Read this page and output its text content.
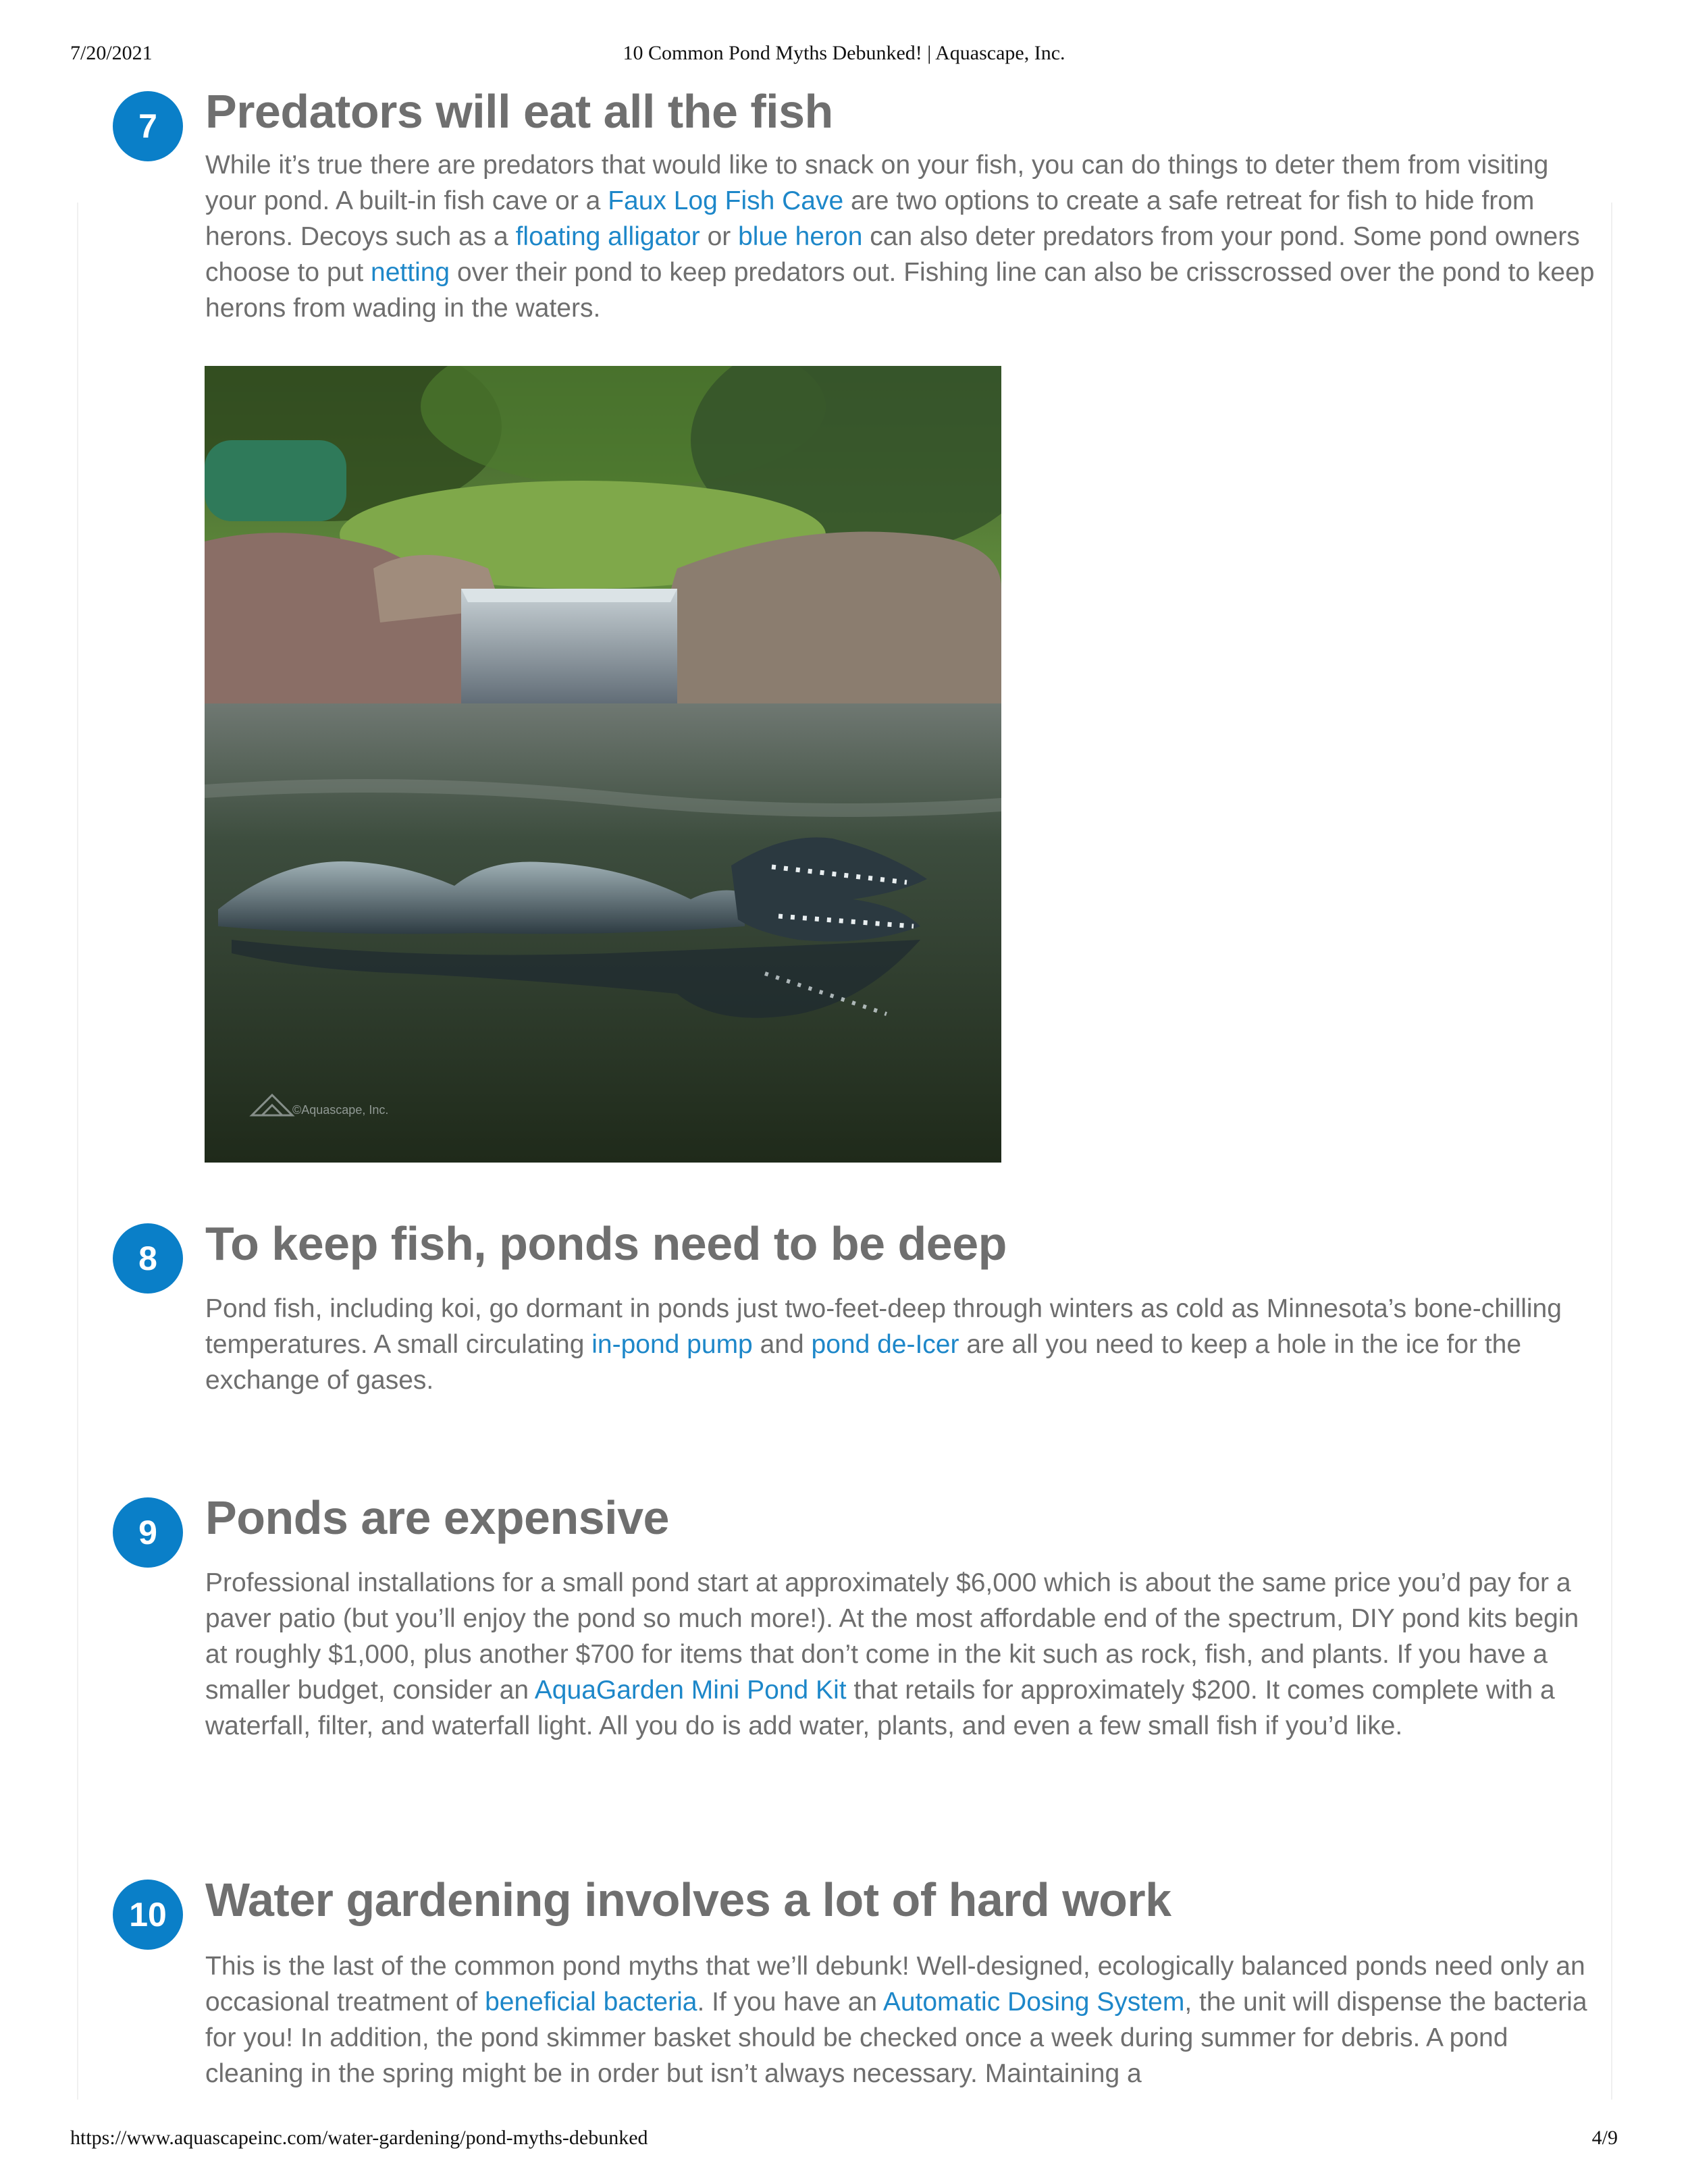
10 Common Pond Myths Debunked! | Aquascape, Inc.
7/20/2021
7	Predators will eat all the fish

While it’s true there are predators that would like to snack on your fish, you can do things to deter them from visiting your pond. A built-in fish cave or a Faux Log Fish Cave are two options to create a safe retreat for fish to hide from herons. Decoys such as a floating alligator or blue heron can also deter predators from your pond. Some pond owners choose to put netting over their pond to keep predators out. Fishing line can also be crisscrossed over the pond to keep herons from wading in the waters.

©Aquascape, Inc.
8	To keep fish, ponds need to be deep

Pond fish, including koi, go dormant in ponds just two-feet-deep through winters as cold as Minnesota’s bone-chilling temperatures. A small circulating in-pond pump and pond de-Icer are all you need to keep a hole in the ice for the exchange of gases.

9	Ponds are expensive

Professional installations for a small pond start at approximately $6,000 which is about the same price you’d pay for a paver patio (but you’ll enjoy the pond so much more!). At the most affordable end of the spectrum, DIY pond kits begin at roughly $1,000, plus another $700 for items that don’t come in the kit such as rock, fish, and plants. If you have a smaller budget, consider an AquaGarden Mini Pond Kit that retails for approximately $200. It comes complete with a waterfall, filter, and waterfall light. All you do is add water, plants, and even a few small fish if you’d like.

10 Water gardening involves a lot of hard work

This is the last of the common pond myths that we’ll debunk! Well-designed, ecologically balanced ponds need only an occasional treatment of beneficial bacteria. If you have an Automatic Dosing System, the unit will dispense the bacteria for you! In addition, the pond skimmer basket should be checked once a week during summer for debris. A pond cleaning in the spring might be in order but isn’t always necessary. Maintaining a

https://www.aquascapeinc.com/water-gardening/pond-myths-debunked	4/9
